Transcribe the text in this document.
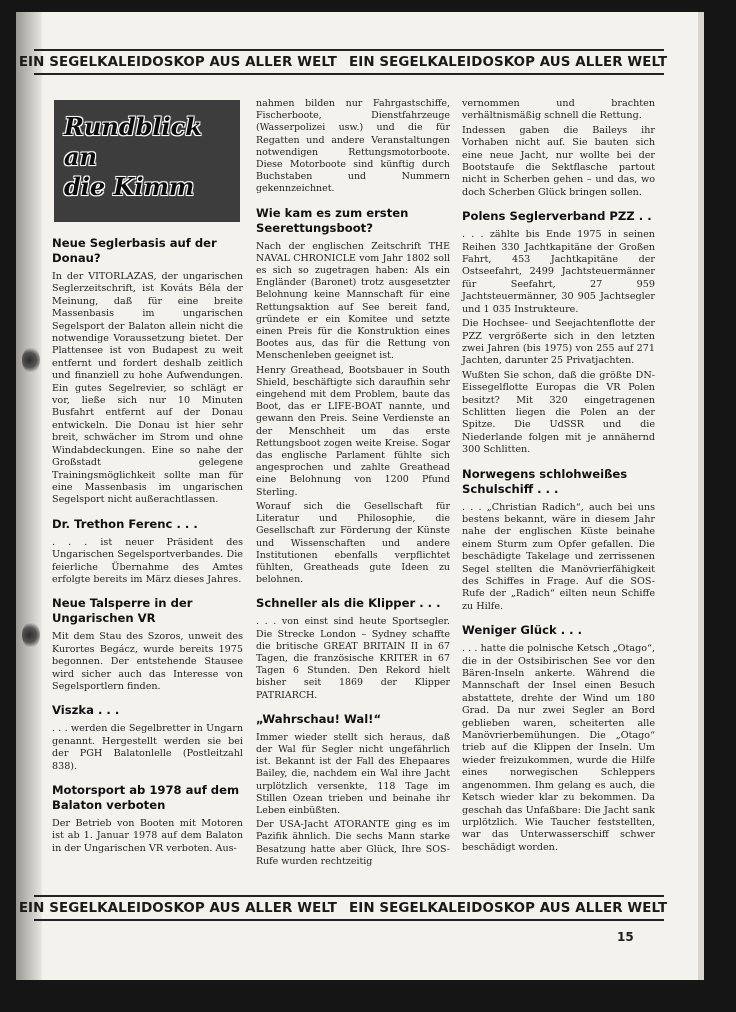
EIN SEGELKALEIDOSKOP AUS ALLER WELT EIN SEGELKALEIDOSKOP AUS ALLER WELT
Rundblick
an
die Kimm
Neue Seglerbasis auf der Donau?

In der VITORLAZAS, der ungarischen Seglerzeitschrift, ist Kováts Béla der Meinung, daß für eine breite Massenbasis im ungarischen Segelsport der Balaton allein nicht die notwendige Voraussetzung bietet. Der Plattensee ist von Budapest zu weit entfernt und fordert deshalb zeitlich und finanziell zu hohe Aufwendungen. Ein gutes Segelrevier, so schlägt er vor, ließe sich nur 10 Minuten Busfahrt entfernt auf der Donau entwickeln. Die Donau ist hier sehr breit, schwächer im Strom und ohne Windabdeckungen. Eine so nahe der Großstadt gelegene Trainingsmöglichkeit sollte man für eine Massenbasis im ungarischen Segelsport nicht außerachtlassen.

Dr. Trethon Ferenc . . .

. . . ist neuer Präsident des Ungarischen Segelsportverbandes. Die feierliche Übernahme des Amtes erfolgte bereits im März dieses Jahres.

Neue Talsperre in der Ungarischen VR

Mit dem Stau des Szoros, unweit des Kurortes Begácz, wurde bereits 1975 begonnen. Der entstehende Stausee wird sicher auch das Interesse von Segelsportlern finden.

Viszka . . .

. . . werden die Segelbretter in Ungarn genannt. Hergestellt werden sie bei der PGH Balatonlelle (Postleitzahl 838).

Motorsport ab 1978 auf dem Balaton verboten

Der Betrieb von Booten mit Motoren ist ab 1. Januar 1978 auf dem Balaton in der Ungarischen VR verboten. Aus-

nahmen bilden nur Fahrgastschiffe, Fischerboote, Dienstfahrzeuge (Wasserpolizei usw.) und die für Regatten und andere Veranstaltungen notwendigen Rettungsmotorboote. Diese Motorboote sind künftig durch Buchstaben und Nummern gekennzeichnet.

Wie kam es zum ersten Seerettungsboot?

Nach der englischen Zeitschrift THE NAVAL CHRONICLE vom Jahr 1802 soll es sich so zugetragen haben: Als ein Engländer (Baronet) trotz ausgesetzter Belohnung keine Mannschaft für eine Rettungsaktion auf See bereit fand, gründete er ein Komitee und setzte einen Preis für die Konstruktion eines Bootes aus, das für die Rettung von Menschenleben geeignet ist.

Henry Greathead, Bootsbauer in South Shield, beschäftigte sich daraufhin sehr eingehend mit dem Problem, baute das Boot, das er LIFE-BOAT nannte, und gewann den Preis. Seine Verdienste an der Menschheit um das erste Rettungsboot zogen weite Kreise. Sogar das englische Parlament fühlte sich angesprochen und zahlte Greathead eine Belohnung von 1200 Pfund Sterling.

Worauf sich die Gesellschaft für Literatur und Philosophie, die Gesellschaft zur Förderung der Künste und Wissenschaften und andere Institutionen ebenfalls verpflichtet fühlten, Greatheads gute Ideen zu belohnen.

Schneller als die Klipper . . .

. . . von einst sind heute Sportsegler. Die Strecke London – Sydney schaffte die britische GREAT BRITAIN II in 67 Tagen, die französische KRITER in 67 Tagen 6 Stunden. Den Rekord hielt bisher seit 1869 der Klipper PATRIARCH.

„Wahrschau! Wal!“

Immer wieder stellt sich heraus, daß der Wal für Segler nicht ungefährlich ist. Bekannt ist der Fall des Ehepaares Bailey, die, nachdem ein Wal ihre Jacht urplötzlich versenkte, 118 Tage im Stillen Ozean trieben und beinahe ihr Leben einbüßten.

Der USA-Jacht ATORANTE ging es im Pazifik ähnlich. Die sechs Mann starke Besatzung hatte aber Glück, Ihre SOS-Rufe wurden rechtzeitig

vernommen und brachten verhältnismäßig schnell die Rettung.

Indessen gaben die Baileys ihr Vorhaben nicht auf. Sie bauten sich eine neue Jacht, nur wollte bei der Bootstaufe die Sektflasche partout nicht in Scherben gehen – und das, wo doch Scherben Glück bringen sollen.

Polens Seglerverband PZZ . .

. . . zählte bis Ende 1975 in seinen Reihen 330 Jachtkapitäne der Großen Fahrt, 453 Jachtkapitäne der Ostseefahrt, 2499 Jachtsteuermänner für Seefahrt, 27 959 Jachtsteuermänner, 30 905 Jachtsegler und 1 035 Instrukteure.

Die Hochsee- und Seejachtenflotte der PZZ vergrößerte sich in den letzten zwei Jahren (bis 1975) von 255 auf 271 Jachten, darunter 25 Privatjachten.

Wußten Sie schon, daß die größte DN-Eissegelflotte Europas die VR Polen besitzt? Mit 320 eingetragenen Schlitten liegen die Polen an der Spitze. Die UdSSR und die Niederlande folgen mit je annähernd 300 Schlitten.

Norwegens schlohweißes Schulschiff . . .

. . . „Christian Radich“, auch bei uns bestens bekannt, wäre in diesem Jahr nahe der englischen Küste beinahe einem Sturm zum Opfer gefallen. Die beschädigte Takelage und zerrissenen Segel stellten die Manövrierfähigkeit des Schiffes in Frage. Auf die SOS-Rufe der „Radich“ eilten neun Schiffe zu Hilfe.

Weniger Glück . . .

. . . hatte die polnische Ketsch „Otago“, die in der Ostsibirischen See vor den Bären-Inseln ankerte. Während die Mannschaft der Insel einen Besuch abstattete, drehte der Wind um 180 Grad. Da nur zwei Segler an Bord geblieben waren, scheiterten alle Manövrierbemühungen. Die „Otago“ trieb auf die Klippen der Inseln. Um wieder freizukommen, wurde die Hilfe eines norwegischen Schleppers angenommen. Ihm gelang es auch, die Ketsch wieder klar zu bekommen. Da geschah das Unfaßbare: Die Jacht sank urplötzlich. Wie Taucher feststellten, war das Unterwasserschiff schwer beschädigt worden.

EIN SEGELKALEIDOSKOP AUS ALLER WELT EIN SEGELKALEIDOSKOP AUS ALLER WELT
15
